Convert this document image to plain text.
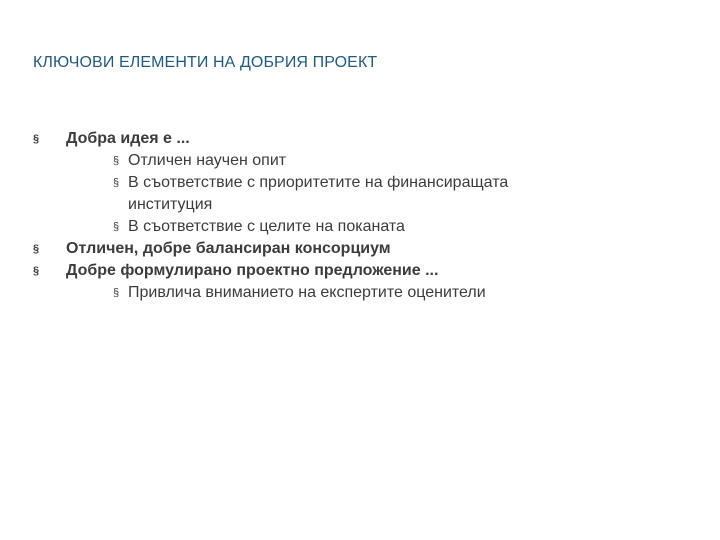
КЛЮЧОВИ ЕЛЕМЕНТИ НА ДОБРИЯ ПРОЕКТ
§ Добра идея е ...
§ Отличен научен опит
§ В съответствие с приоритетите на финансиращата институция
§ В съответствие с целите на поканата
§ Отличен, добре балансиран консорциум
§ Добре формулирано проектно предложение ...
§ Привлича вниманието на експертите оценители
